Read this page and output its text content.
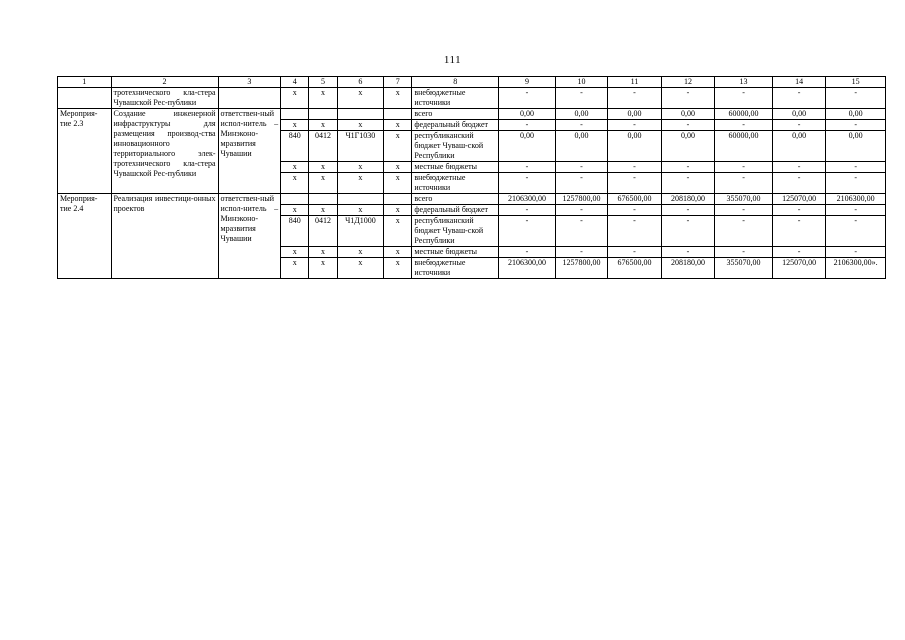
111
1	2	3	4	5	6	7	8	9	10	11	12	13	14	15
	тротехнического кла-стера Чувашской Рес-публики		x	x	x	x	внебюджетные источники	-	-	-	-	-	-	-
Мероприя-тие 2.3	Создание инженерной инфраструктуры для размещения производ-ства инновационного территориального элек-тротехнического кла-стера Чувашской Рес-публики	ответствен-ный испол-нитель – Минэконо-мразвития Чувашии					всего	0,00	0,00	0,00	0,00	60000,00	0,00	0,00
			x	x	x	x	федеральный бюджет	-	-	-	-	-	-	-
			840	0412	Ч1Г1030	x	республиканский бюджет Чуваш-ской Республики	0,00	0,00	0,00	0,00	60000,00	0,00	0,00
			x	x	x	x	местные бюджеты	-	-	-	-	-	-	-
			x	x	x	x	внебюджетные источники	-	-	-	-	-	-	-
Мероприя-тие 2.4	Реализация инвестици-онных проектов	ответствен-ный испол-нитель – Минэконо-мразвития Чувашии					всего	2106300,00	1257800,00	676500,00	208180,00	355070,00	125070,00	2106300,00
			x	x	x	x	федеральный бюджет	-	-	-	-	-	-	-
			840	0412	Ч1Д1000	x	республиканский бюджет Чуваш-ской Республики	-	-	-	-	-	-	-
			x	x	x	x	местные бюджеты	-	-	-	-	-	-	-
			x	x	x	x	внебюджетные источники	2106300,00	1257800,00	676500,00	208180,00	355070,00	125070,00	2106300,00».
